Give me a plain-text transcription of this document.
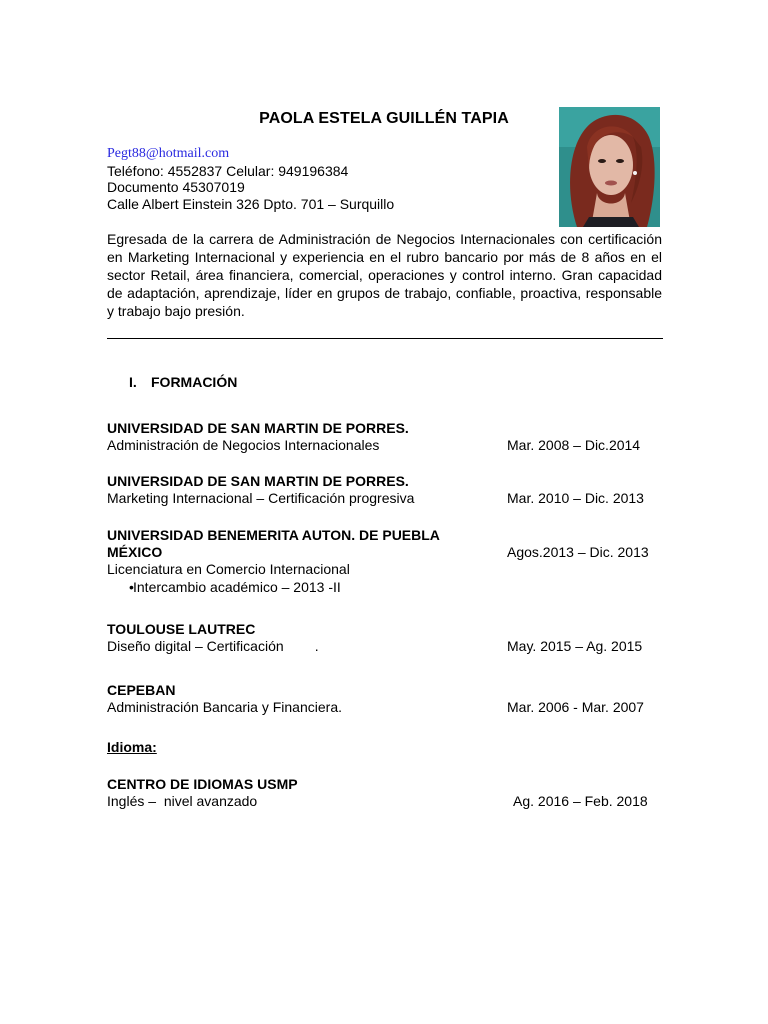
PAOLA ESTELA GUILLÉN TAPIA
Pegt88@hotmail.com
Teléfono: 4552837 Celular: 949196384
Documento 45307019
Calle Albert Einstein 326 Dpto. 701 – Surquillo
Egresada de la carrera de Administración de Negocios Internacionales con certificación en Marketing Internacional y experiencia en el rubro bancario por más de 8 años en el sector Retail, área financiera, comercial, operaciones y control interno. Gran capacidad de adaptación, aprendizaje, líder en grupos de trabajo, confiable, proactiva, responsable y trabajo bajo presión.
I. FORMACIÓN
UNIVERSIDAD DE SAN MARTIN DE PORRES.
Administración de Negocios Internacionales	Mar. 2008 – Dic.2014
UNIVERSIDAD DE SAN MARTIN DE PORRES.
Marketing Internacional – Certificación progresiva	Mar. 2010 – Dic. 2013
UNIVERSIDAD BENEMERITA AUTON. DE PUEBLA
MÉXICO	Agos.2013 – Dic. 2013
Licenciatura en Comercio Internacional
• Intercambio académico – 2013 -II
TOULOUSE LAUTREC
Diseño digital – Certificación        .	May. 2015 – Ag. 2015
CEPEBAN
Administración Bancaria y Financiera.	Mar. 2006 - Mar. 2007
Idioma:
CENTRO DE IDIOMAS USMP
Inglés –  nivel avanzado	Ag. 2016 – Feb. 2018
